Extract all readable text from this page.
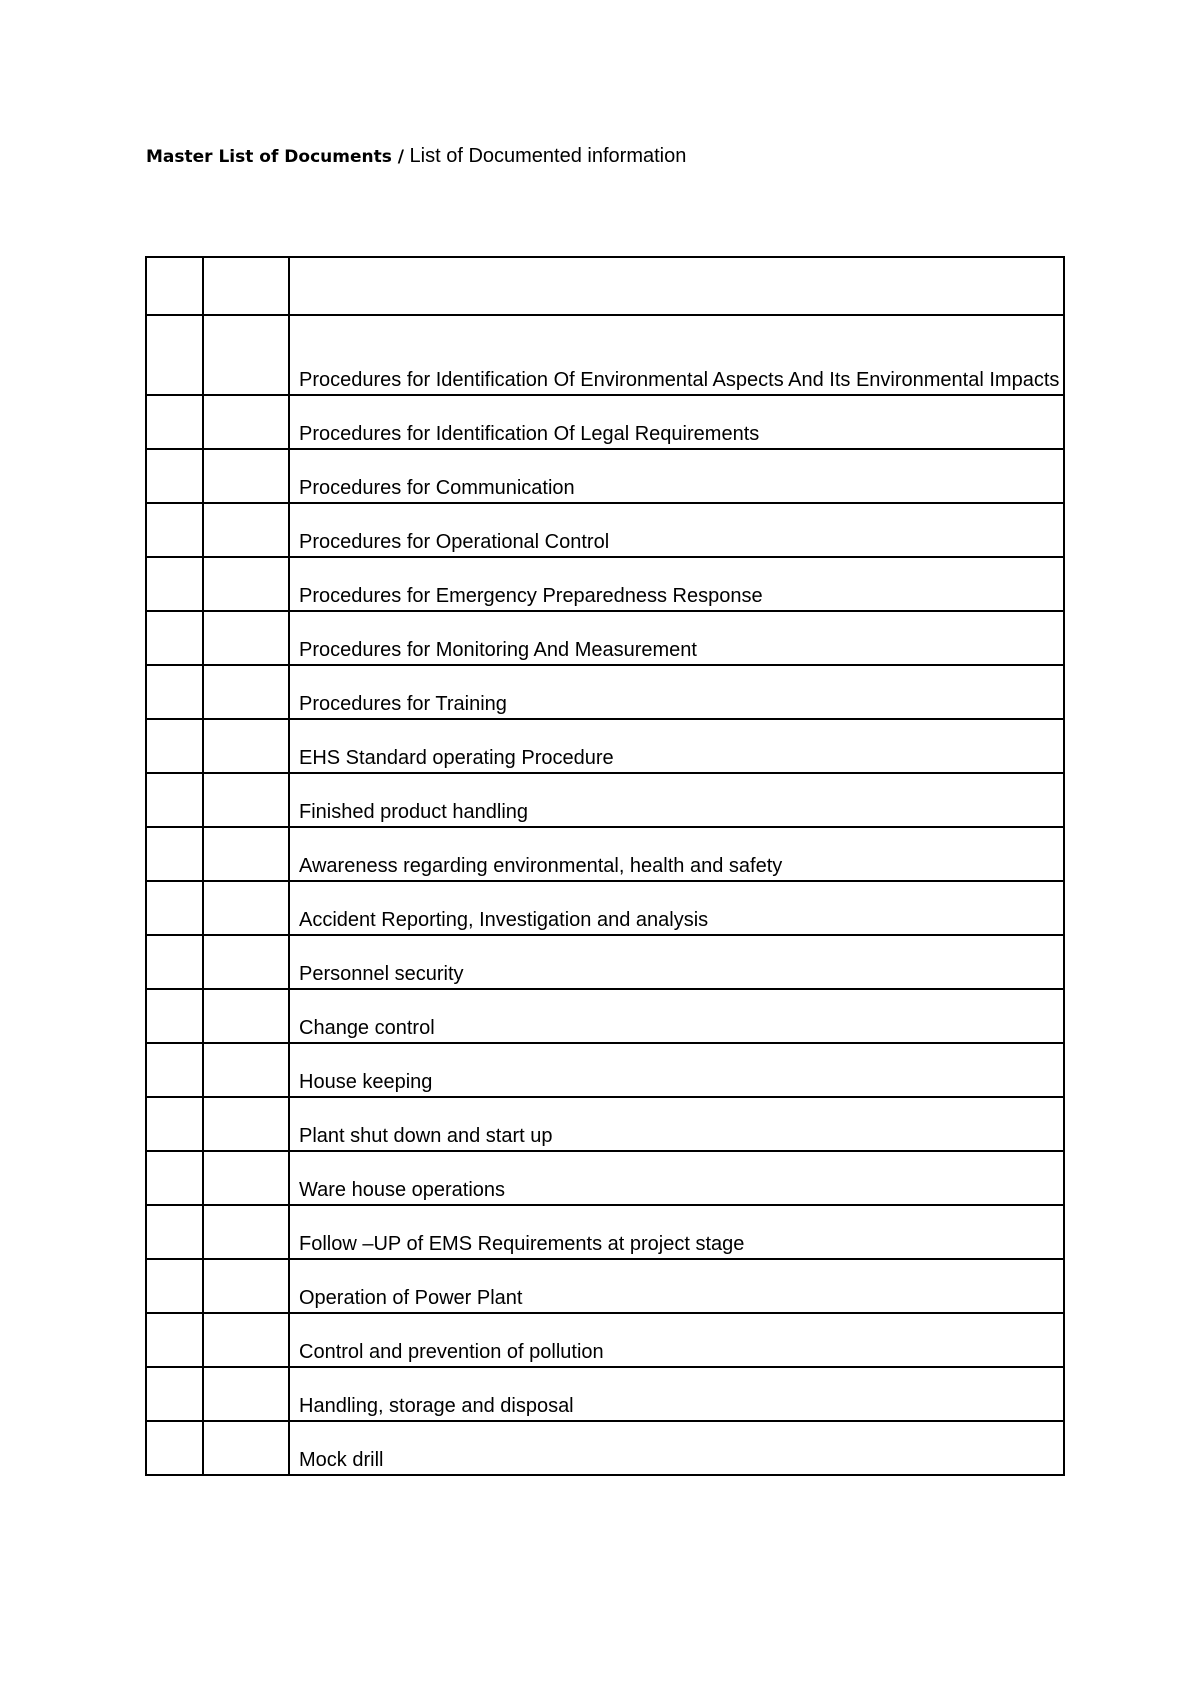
Master List of Documents / List of Documented information

		Procedures for Identification Of Environmental Aspects And Its Environmental Impacts

		Procedures for Identification Of Legal Requirements

		Procedures for Communication

		Procedures for Operational Control

		Procedures for Emergency Preparedness Response

		Procedures for Monitoring And Measurement

		Procedures for Training

		EHS Standard operating Procedure

		Finished product handling

		Awareness regarding environmental, health and safety

		Accident Reporting, Investigation and analysis

		Personnel security

		Change control

		House keeping

		Plant shut down and start up

		Ware house operations

		Follow –UP of EMS Requirements at project stage

		Operation of Power Plant

		Control and prevention of pollution

		Handling, storage and disposal

		Mock drill
